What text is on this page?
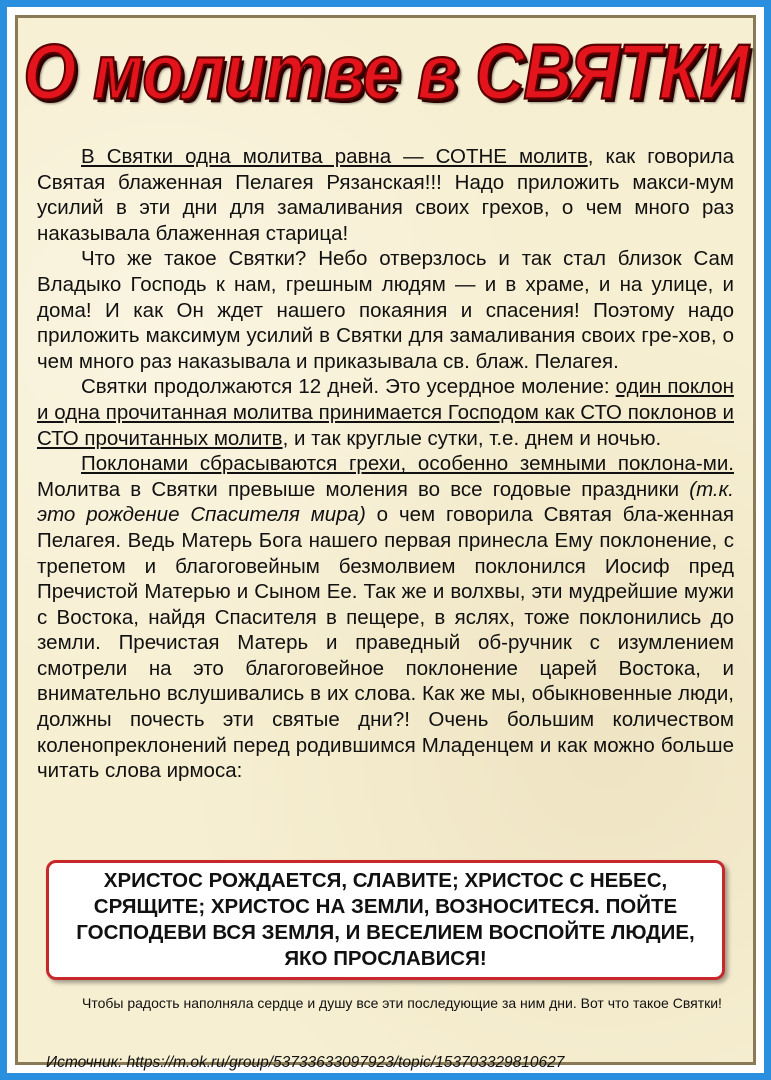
О молитве в СВЯТКИ

В Святки одна молитва равна — СОТНЕ молитв, как говорила Святая блаженная Пелагея Рязанская!!! Надо приложить макси-мум усилий в эти дни для замаливания своих грехов, о чем много раз наказывала блаженная старица!

Что же такое Святки? Небо отверзлось и так стал близок Сам Владыко Господь к нам, грешным людям — и в храме, и на улице, и дома! И как Он ждет нашего покаяния и спасения! Поэтому надо приложить максимум усилий в Святки для замаливания своих гре-хов, о чем много раз наказывала и приказывала св. блаж. Пелагея.

Святки продолжаются 12 дней. Это усердное моление: один поклон и одна прочитанная молитва принимается Господом как СТО поклонов и СТО прочитанных молитв, и так круглые сутки, т.е. днем и ночью.

Поклонами сбрасываются грехи, особенно земными поклона-ми. Молитва в Святки превыше моления во все годовые праздники (т.к. это рождение Спасителя мира) о чем говорила Святая бла-женная Пелагея. Ведь Матерь Бога нашего первая принесла Ему поклонение, с трепетом и благоговейным безмолвием поклонился Иосиф пред Пречистой Матерью и Сыном Ее. Так же и волхвы, эти мудрейшие мужи с Востока, найдя Спасителя в пещере, в яслях, тоже поклонились до земли. Пречистая Матерь и праведный об-ручник с изумлением смотрели на это благоговейное поклонение царей Востока, и внимательно вслушивались в их слова. Как же мы, обыкновенные люди, должны почесть эти святые дни?! Очень большим количеством коленопреклонений перед родившимся Младенцем и как можно больше читать слова ирмоса:

ХРИСТОС РОЖДАЕТСЯ, СЛАВИТЕ; ХРИСТОС С НЕБЕС, СРЯЩИТЕ; ХРИСТОС НА ЗЕМЛИ, ВОЗНОСИТЕСЯ. ПОЙТЕ ГОСПОДЕВИ ВСЯ ЗЕМЛЯ, И ВЕСЕЛИЕМ ВОСПОЙТЕ ЛЮДИЕ, ЯКО ПРОСЛАВИСЯ!
Чтобы радость наполняла сердце и душу все эти последующие за ним дни. Вот что такое Святки!
Источник: https://m.ok.ru/group/53733633097923/topic/153703329810627
